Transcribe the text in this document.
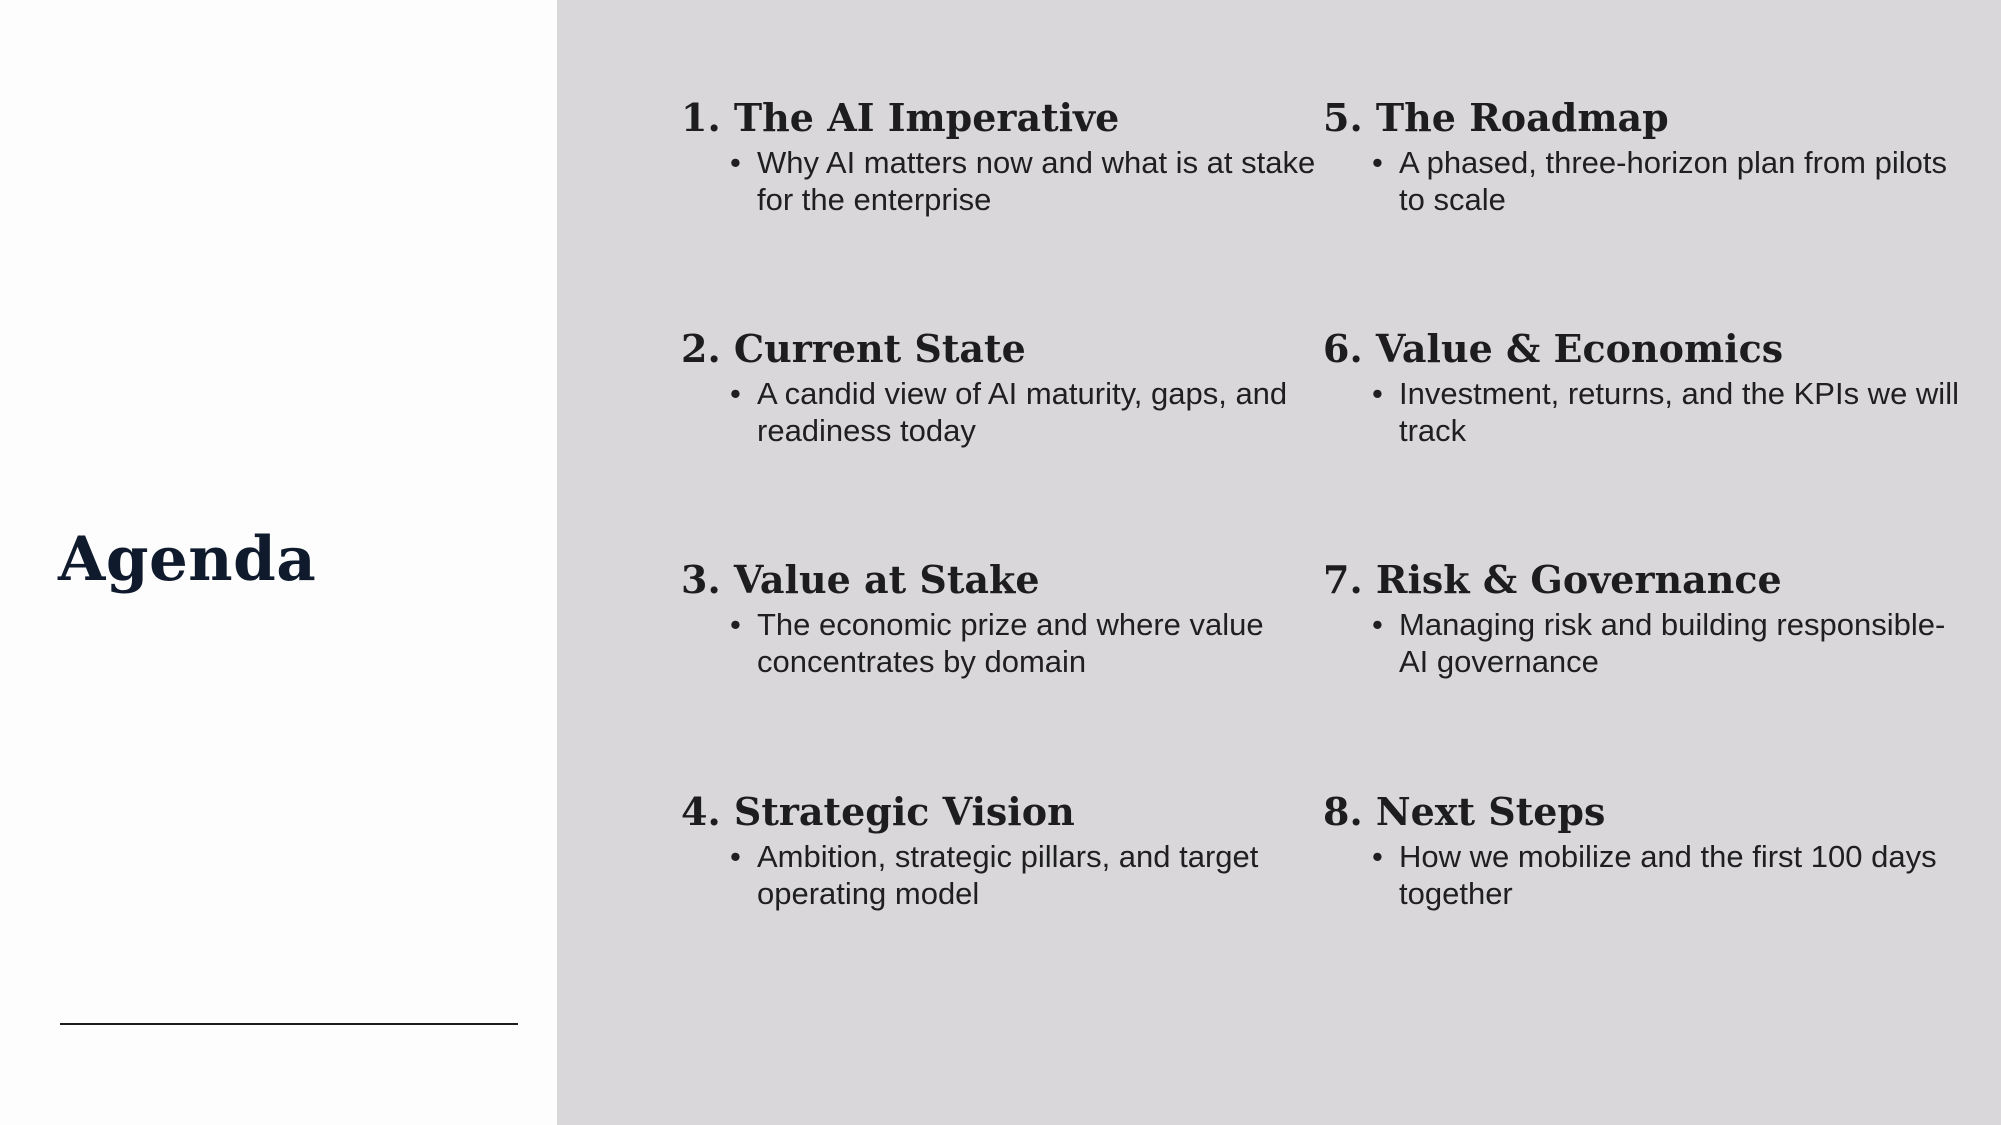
Agenda
1. The AI Imperative

• Why AI matters now and what is at stake for the enterprise

2. Current State

• A candid view of AI maturity, gaps, and readiness today

3. Value at Stake

• The economic prize and where value concentrates by domain

4. Strategic Vision

• Ambition, strategic pillars, and target operating model

5. The Roadmap

• A phased, three-horizon plan from pilots to scale

6. Value & Economics

• Investment, returns, and the KPIs we will track

7. Risk & Governance

• Managing risk and building responsible-AI governance

8. Next Steps

• How we mobilize and the first 100 days together
